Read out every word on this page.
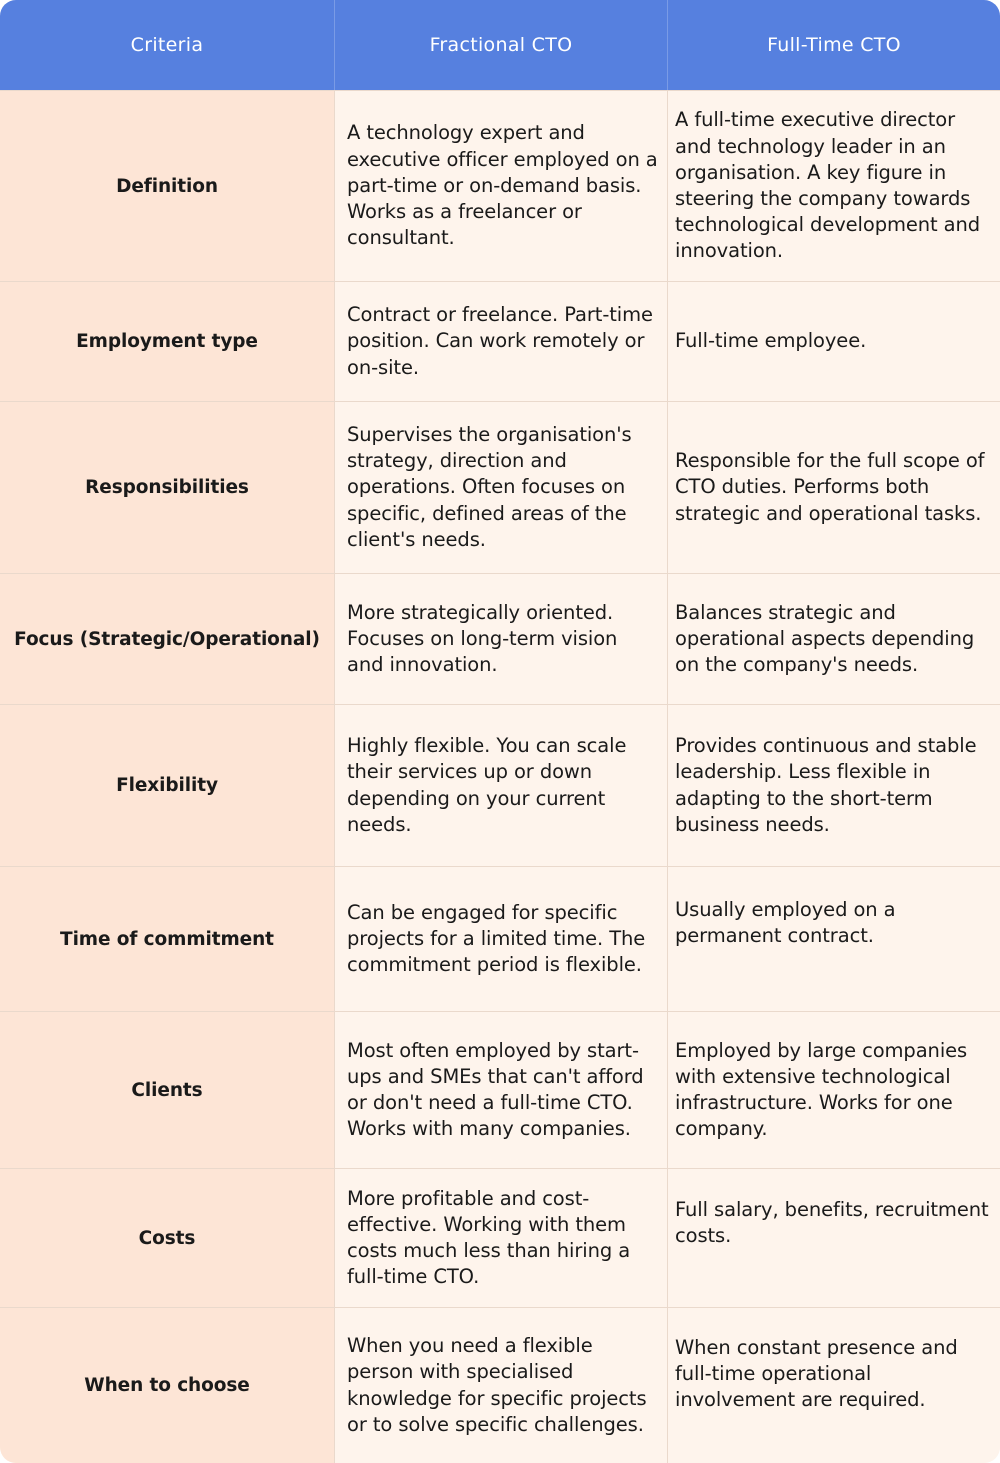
Criteria	Fractional CTO	Full-Time CTO
Definition
A technology expert and executive officer employed on a part-time or on-demand basis. Works as a freelancer or consultant.
A full-time executive director and technology leader in an organisation. A key figure in steering the company towards technological development and innovation.
Employment type
Contract or freelance. Part-time position. Can work remotely or on-site.
Full-time employee.
Responsibilities
Supervises the organisation's strategy, direction and operations. Often focuses on specific, defined areas of the client's needs.
Responsible for the full scope of CTO duties. Performs both strategic and operational tasks.
Focus (Strategic/Operational)
More strategically oriented. Focuses on long-term vision and innovation.
Balances strategic and operational aspects depending on the company's needs.
Flexibility
Highly flexible. You can scale their services up or down depending on your current needs.
Provides continuous and stable leadership. Less flexible in adapting to the short-term business needs.
Time of commitment
Can be engaged for specific projects for a limited time. The commitment period is flexible.
Usually employed on a permanent contract.
Clients
Most often employed by start-ups and SMEs that can't afford or don't need a full-time CTO. Works with many companies.
Employed by large companies with extensive technological infrastructure. Works for one company.
Costs
More profitable and cost-effective. Working with them costs much less than hiring a full-time CTO.
Full salary, benefits, recruitment costs.
When to choose
When you need a flexible person with specialised knowledge for specific projects or to solve specific challenges.
When constant presence and full-time operational involvement are required.
